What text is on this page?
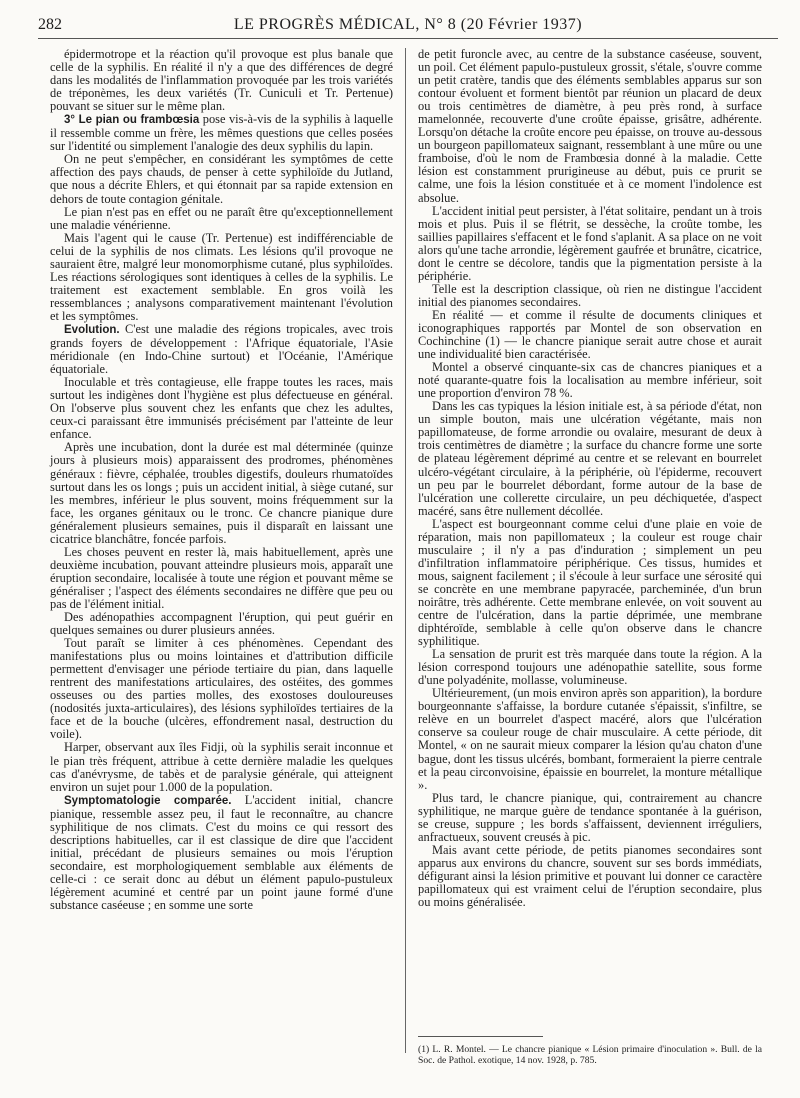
282	LE PROGRÈS MÉDICAL, N° 8 (20 Février 1937)

épidermotrope et la réaction qu'il provoque est plus banale que celle de la syphilis. En réalité il n'y a que des différences de degré dans les modalités de l'inflammation provoquée par les trois variétés de tréponèmes, les deux variétés (Tr. Cuniculi et Tr. Pertenue) pouvant se situer sur le même plan.

3° Le pian ou frambœsia pose vis-à-vis de la syphilis à laquelle il ressemble comme un frère, les mêmes questions que celles posées sur l'identité ou simplement l'analogie des deux syphilis du lapin.

On ne peut s'empêcher, en considérant les symptômes de cette affection des pays chauds, de penser à cette syphiloïde du Jutland, que nous a décrite Ehlers, et qui étonnait par sa rapide extension en dehors de toute contagion génitale.

Le pian n'est pas en effet ou ne paraît être qu'exceptionnellement une maladie vénérienne.

Mais l'agent qui le cause (Tr. Pertenue) est indifférenciable de celui de la syphilis de nos climats. Les lésions qu'il provoque ne sauraient être, malgré leur monomorphisme cutané, plus syphiloïdes. Les réactions sérologiques sont identiques à celles de la syphilis. Le traitement est exactement semblable. En gros voilà les ressemblances ; analysons comparativement maintenant l'évolution et les symptômes.

Evolution. C'est une maladie des régions tropicales, avec trois grands foyers de développement : l'Afrique équatoriale, l'Asie méridionale (en Indo-Chine surtout) et l'Océanie, l'Amérique équatoriale.

Inoculable et très contagieuse, elle frappe toutes les races, mais surtout les indigènes dont l'hygiène est plus défectueuse en général. On l'observe plus souvent chez les enfants que chez les adultes, ceux-ci paraissant être immunisés précisément par l'atteinte de leur enfance.

Après une incubation, dont la durée est mal déterminée (quinze jours à plusieurs mois) apparaissent des prodromes, phénomènes généraux : fièvre, céphalée, troubles digestifs, douleurs rhumatoïdes surtout dans les os longs ; puis un accident initial, à siège cutané, sur les membres, inférieur le plus souvent, moins fréquemment sur la face, les organes génitaux ou le tronc. Ce chancre pianique dure généralement plusieurs semaines, puis il disparaît en laissant une cicatrice blanchâtre, foncée parfois.

Les choses peuvent en rester là, mais habituellement, après une deuxième incubation, pouvant atteindre plusieurs mois, apparaît une éruption secondaire, localisée à toute une région et pouvant même se généraliser ; l'aspect des éléments secondaires ne diffère que peu ou pas de l'élément initial.

Des adénopathies accompagnent l'éruption, qui peut guérir en quelques semaines ou durer plusieurs années.

Tout paraît se limiter à ces phénomènes. Cependant des manifestations plus ou moins lointaines et d'attribution difficile permettent d'envisager une période tertiaire du pian, dans laquelle rentrent des manifestations articulaires, des ostéites, des gommes osseuses ou des parties molles, des exostoses douloureuses (nodosités juxta-articulaires), des lésions syphiloïdes tertiaires de la face et de la bouche (ulcères, effondrement nasal, destruction du voile).

Harper, observant aux îles Fidji, où la syphilis serait inconnue et le pian très fréquent, attribue à cette dernière maladie les quelques cas d'anévrysme, de tabès et de paralysie générale, qui atteignent environ un sujet pour 1.000 de la population.

Symptomatologie comparée. L'accident initial, chancre pianique, ressemble assez peu, il faut le reconnaître, au chancre syphilitique de nos climats. C'est du moins ce qui ressort des descriptions habituelles, car il est classique de dire que l'accident initial, précédant de plusieurs semaines ou mois l'éruption secondaire, est morphologiquement semblable aux éléments de celle-ci : ce serait donc au début un élément papulo-pustuleux légèrement acuminé et centré par un point jaune formé d'une substance caséeuse ; en somme une sorte

de petit furoncle avec, au centre de la substance caséeuse, souvent, un poil. Cet élément papulo-pustuleux grossit, s'étale, s'ouvre comme un petit cratère, tandis que des éléments semblables apparus sur son contour évoluent et forment bientôt par réunion un placard de deux ou trois centimètres de diamètre, à peu près rond, à surface mamelonnée, recouverte d'une croûte épaisse, grisâtre, adhérente. Lorsqu'on détache la croûte encore peu épaisse, on trouve au-dessous un bourgeon papillomateux saignant, ressemblant à une mûre ou une framboise, d'où le nom de Frambœsia donné à la maladie. Cette lésion est constamment prurigineuse au début, puis ce prurit se calme, une fois la lésion constituée et à ce moment l'indolence est absolue.

L'accident initial peut persister, à l'état solitaire, pendant un à trois mois et plus. Puis il se flétrit, se dessèche, la croûte tombe, les saillies papillaires s'effacent et le fond s'aplanit. A sa place on ne voit alors qu'une tache arrondie, légèrement gaufrée et brunâtre, cicatrice, dont le centre se décolore, tandis que la pigmentation persiste à la périphérie.

Telle est la description classique, où rien ne distingue l'accident initial des pianomes secondaires.

En réalité — et comme il résulte de documents cliniques et iconographiques rapportés par Montel de son observation en Cochinchine (1) — le chancre pianique serait autre chose et aurait une individualité bien caractérisée.

Montel a observé cinquante-six cas de chancres pianiques et a noté quarante-quatre fois la localisation au membre inférieur, soit une proportion d'environ 78 %.

Dans les cas typiques la lésion initiale est, à sa période d'état, non un simple bouton, mais une ulcération végétante, mais non papillomateuse, de forme arrondie ou ovalaire, mesurant de deux à trois centimètres de diamètre ; la surface du chancre forme une sorte de plateau légèrement déprimé au centre et se relevant en bourrelet ulcéro-végétant circulaire, à la périphérie, où l'épiderme, recouvert un peu par le bourrelet débordant, forme autour de la base de l'ulcération une collerette circulaire, un peu déchiquetée, d'aspect macéré, sans être nullement décollée.

L'aspect est bourgeonnant comme celui d'une plaie en voie de réparation, mais non papillomateux ; la couleur est rouge chair musculaire ; il n'y a pas d'induration ; simplement un peu d'infiltration inflammatoire périphérique. Ces tissus, humides et mous, saignent facilement ; il s'écoule à leur surface une sérosité qui se concrète en une membrane papyracée, parcheminée, d'un brun noirâtre, très adhérente. Cette membrane enlevée, on voit souvent au centre de l'ulcération, dans la partie déprimée, une membrane diphtéroïde, semblable à celle qu'on observe dans le chancre syphilitique.

La sensation de prurit est très marquée dans toute la région. A la lésion correspond toujours une adénopathie satellite, sous forme d'une polyadénite, mollasse, volumineuse.

Ultérieurement, (un mois environ après son apparition), la bordure bourgeonnante s'affaisse, la bordure cutanée s'épaissit, s'infiltre, se relève en un bourrelet d'aspect macéré, alors que l'ulcération conserve sa couleur rouge de chair musculaire. A cette période, dit Montel, « on ne saurait mieux comparer la lésion qu'au chaton d'une bague, dont les tissus ulcérés, bombant, formeraient la pierre centrale et la peau circonvoisine, épaissie en bourrelet, la monture métallique ».

Plus tard, le chancre pianique, qui, contrairement au chancre syphilitique, ne marque guère de tendance spontanée à la guérison, se creuse, suppure ; les bords s'affaissent, deviennent irréguliers, anfractueux, souvent creusés à pic.

Mais avant cette période, de petits pianomes secondaires sont apparus aux environs du chancre, souvent sur ses bords immédiats, défigurant ainsi la lésion primitive et pouvant lui donner ce caractère papillomateux qui est vraiment celui de l'éruption secondaire, plus ou moins généralisée.

(1) L. R. Montel. — Le chancre pianique « Lésion primaire d'inoculation ». Bull. de la Soc. de Pathol. exotique, 14 nov. 1928, p. 785.
